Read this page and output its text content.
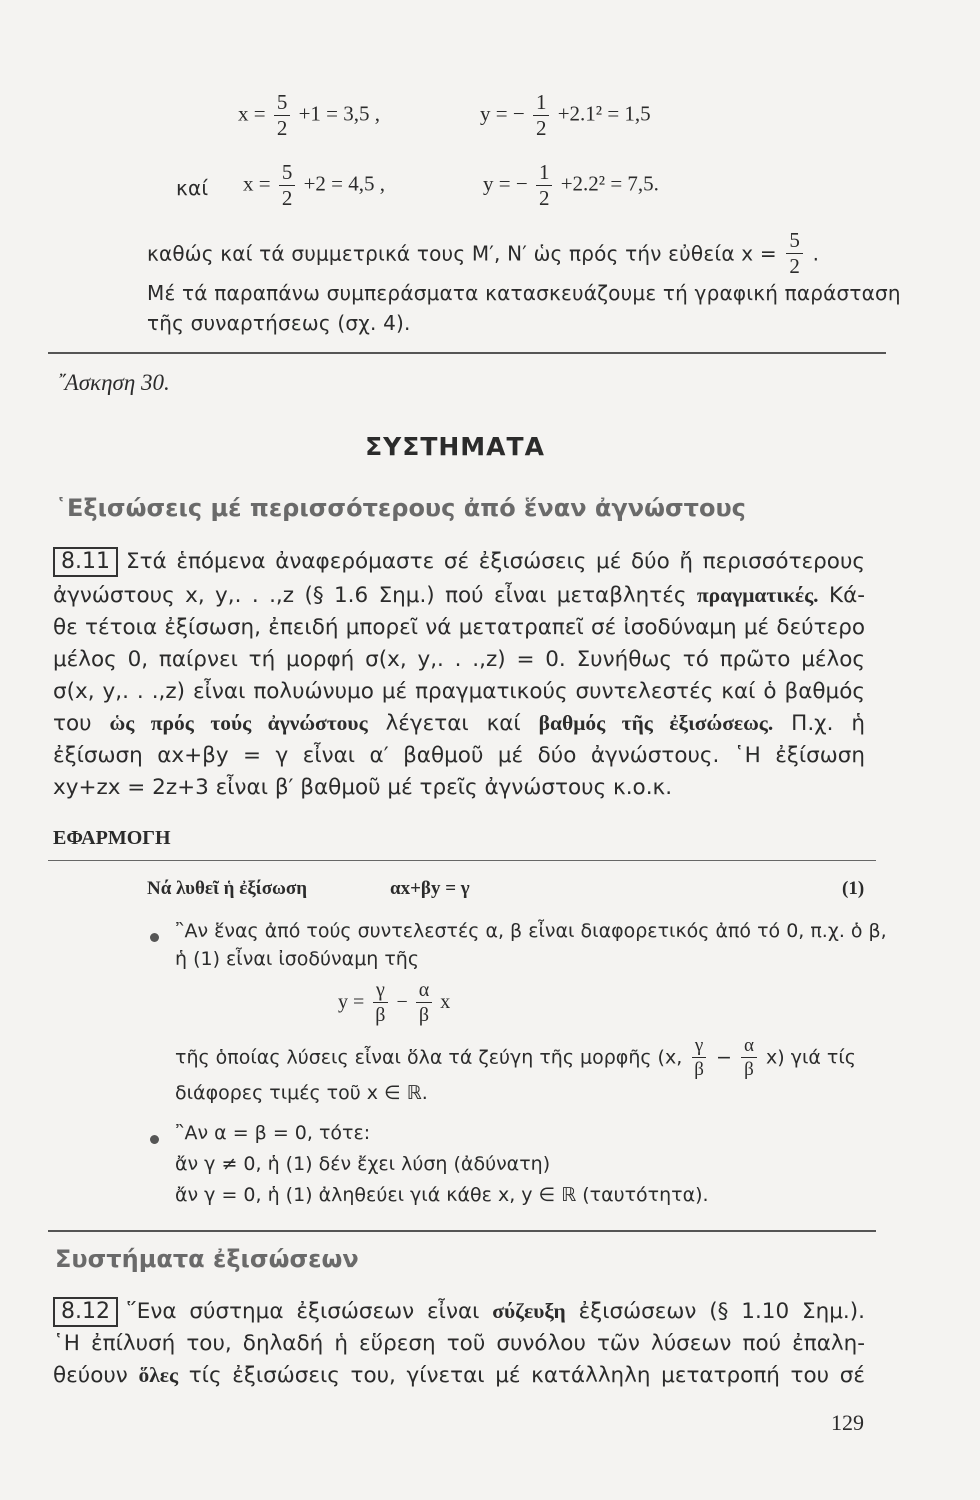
$x = \frac{5}{2} +1 = 3,5$ ,	y = − $\frac{1}{2} +2.1^2 = 1,5$
καί $x = \frac{5}{2} +2 = 4,5$ ,	y = − $\frac{1}{2} +2.2^2 = 7,5$.
καθώς καί τά συμμετρικά τους Μ′, Ν′ ὡς πρός τήν εὐθεία $x = \frac{5}{2}$ .
Μέ τά παραπάνω συμπεράσματα κατασκευάζουμε τή γραφική παράσταση
τῆς συναρτήσεως (σχ. 4).
῎Ασκηση 30.
ΣΥΣΤΗΜΑΤΑ
῾Εξισώσεις μέ περισσότερους ἀπό ἕναν ἀγνώστους
8.11 Στά ἑπόμενα ἀναφερόμαστε σέ ἐξισώσεις μέ δύο ἤ περισσότερους
ἀγνώστους x, y,. . .,z (§ 1.6 Σημ.) πού εἶναι μεταβλητές πραγματικές. Κά-
θε τέτοια ἐξίσωση, ἐπειδή μπορεῖ νά μετατραπεῖ σέ ἰσοδύναμη μέ δεύτερο
μέλος 0, παίρνει τή μορφή σ(x, y,. . .,z) = 0. Συνήθως τό πρῶτο μέλος
σ(x, y,. . .,z) εἶναι πολυώνυμο μέ πραγματικούς συντελεστές καί ὁ βαθμός
του ὡς πρός τούς ἀγνώστους λέγεται καί βαθμός τῆς ἐξισώσεως. Π.χ. ἡ
ἐξίσωση αx+βy = γ εἶναι α′ βαθμοῦ μέ δύο ἀγνώστους. ῾Η ἐξίσωση
xy+zx = 2z+3 εἶναι β′ βαθμοῦ μέ τρεῖς ἀγνώστους κ.ο.κ.
ΕΦΑΡΜΟΓΗ
Νά λυθεῖ ἡ ἐξίσωση	αx+βy = γ	(1)
῍Αν ἕνας ἀπό τούς συντελεστές α, β εἶναι διαφορετικός ἀπό τό 0, π.χ. ὁ β,
ἡ (1) εἶναι ἰσοδύναμη τῆς
$y = \frac{\gamma}{\beta} - \frac{\alpha}{\beta}$ x
τῆς ὁποίας λύσεις εἶναι ὅλα τά ζεύγη τῆς μορφῆς (x, $\frac{\gamma}{\beta} - \frac{\alpha}{\beta} x$) γιά τίς
διάφορες τιμές τοῦ x ∈ ℝ.
῍Αν α = β = 0, τότε:
ἄν γ ≠ 0, ἡ (1) δέν ἔχει λύση (ἀδύνατη)
ἄν γ = 0, ἡ (1) ἀληθεύει γιά κάθε x, y ∈ ℝ (ταυτότητα).
Συστήματα ἐξισώσεων
8.12 ῞Ενα σύστημα ἐξισώσεων εἶναι σύζευξη ἐξισώσεων (§ 1.10 Σημ.).
῾Η ἐπίλυσή του, δηλαδή ἡ εὕρεση τοῦ συνόλου τῶν λύσεων πού ἐπαλη-
θεύουν ὅλες τίς ἐξισώσεις του, γίνεται μέ κατάλληλη μετατροπή του σέ
129
